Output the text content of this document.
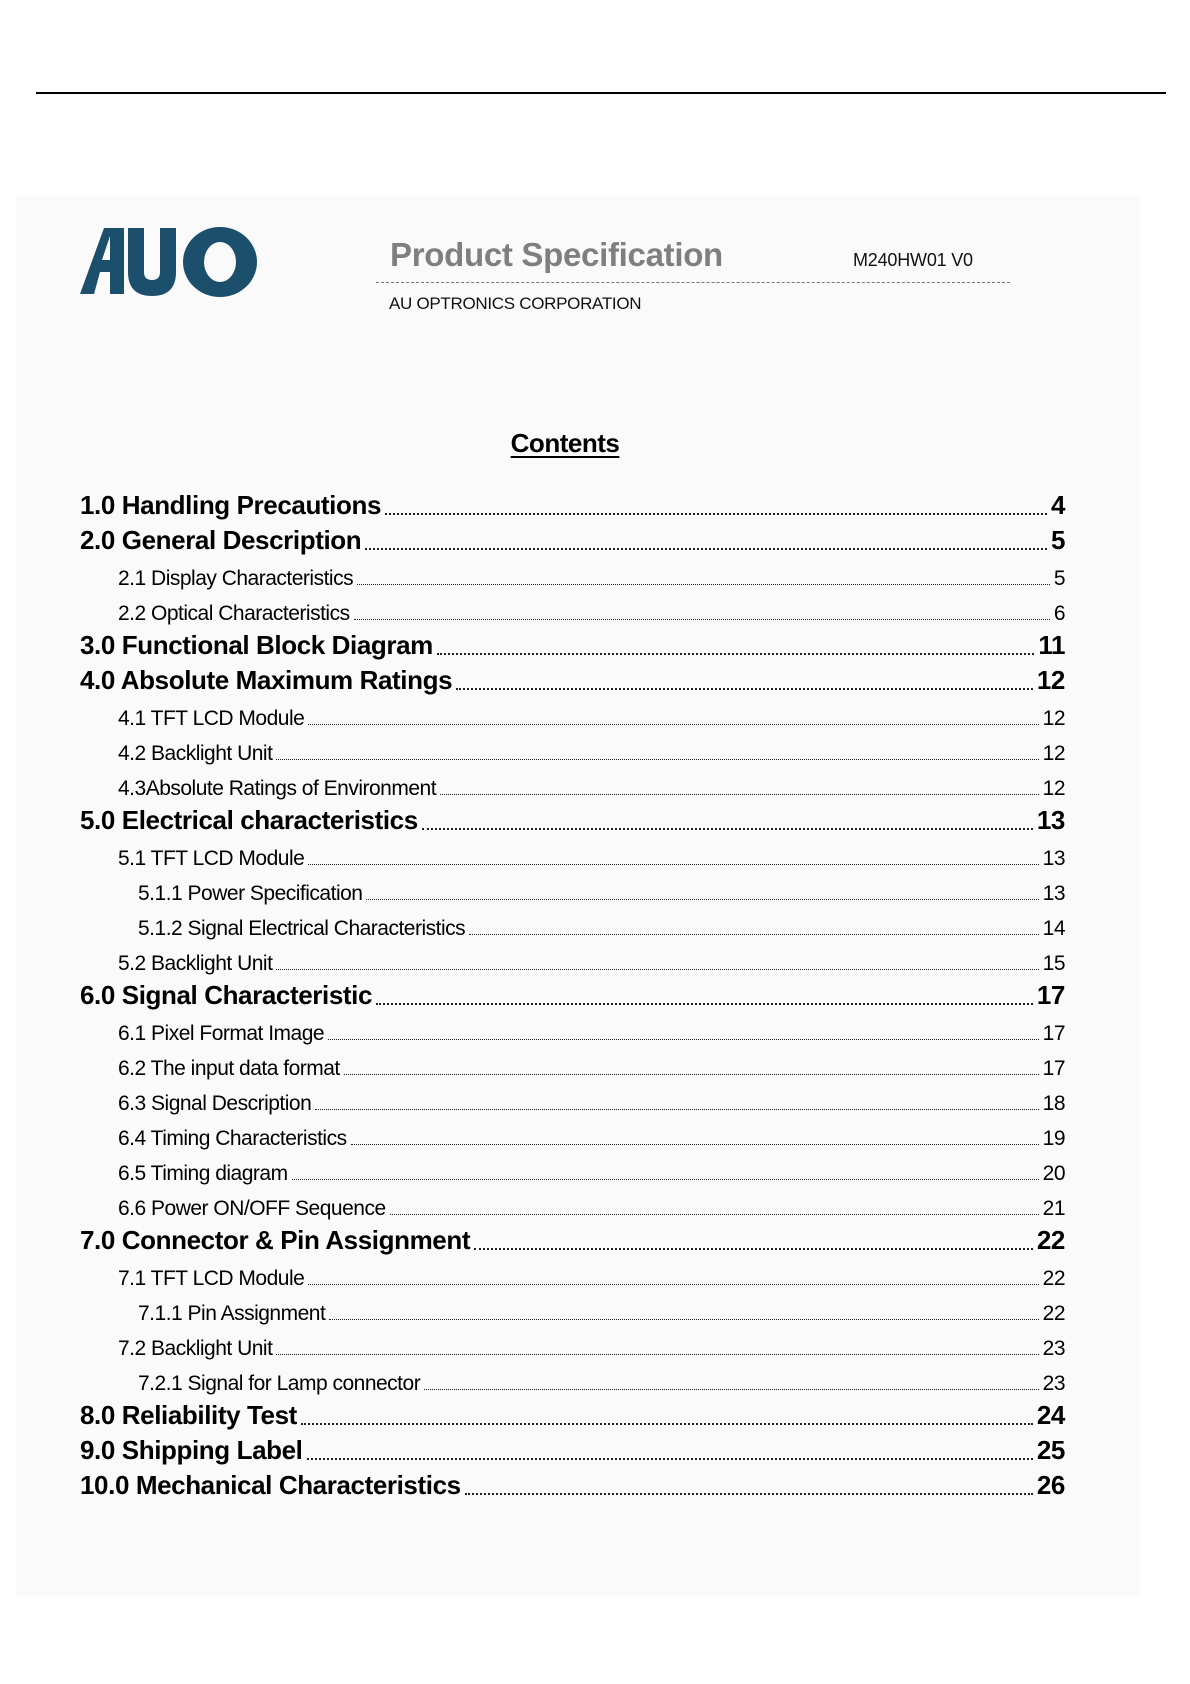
Product Specification	M240HW01 V0
AU OPTRONICS CORPORATION
Contents
1.0 Handling Precautions	4
2.0 General Description	5
2.1 Display Characteristics	5
2.2 Optical Characteristics	6
3.0 Functional Block Diagram	11
4.0 Absolute Maximum Ratings	12
4.1 TFT LCD Module	12
4.2 Backlight Unit	12
4.3Absolute Ratings of Environment	12
5.0 Electrical characteristics	13
5.1 TFT LCD Module	13
5.1.1 Power Specification	13
5.1.2 Signal Electrical Characteristics	14
5.2 Backlight Unit	15
6.0 Signal Characteristic	17
6.1 Pixel Format Image	17
6.2 The input data format	17
6.3 Signal Description	18
6.4 Timing Characteristics	19
6.5 Timing diagram	20
6.6 Power ON/OFF Sequence	21
7.0 Connector & Pin Assignment	22
7.1 TFT LCD Module	22
7.1.1 Pin Assignment	22
7.2 Backlight Unit	23
7.2.1 Signal for Lamp connector	23
8.0 Reliability Test	24
9.0 Shipping Label	25
10.0 Mechanical Characteristics	26
